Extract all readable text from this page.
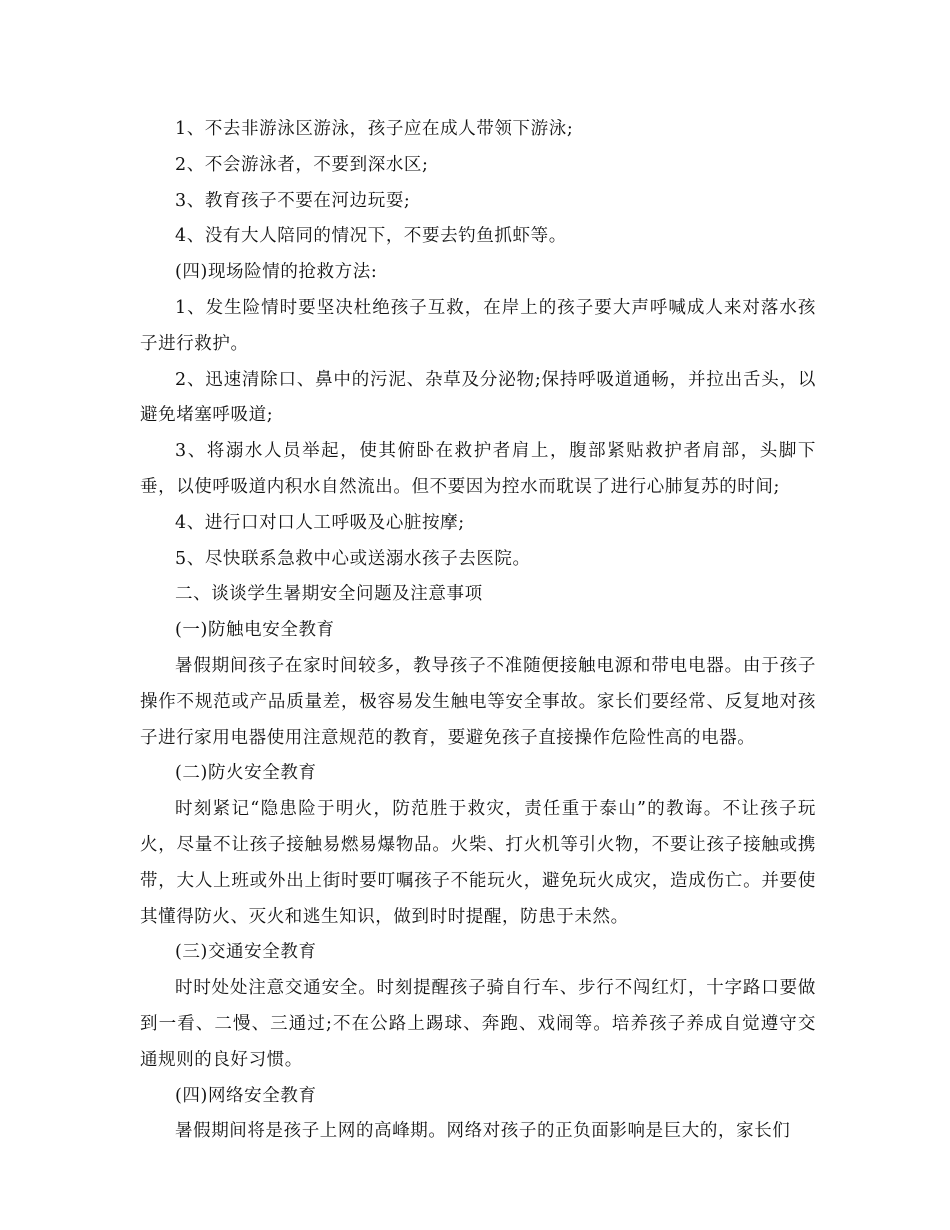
1、不去非游泳区游泳，孩子应在成人带领下游泳;

2、不会游泳者，不要到深水区;

3、教育孩子不要在河边玩耍;

4、没有大人陪同的情况下，不要去钓鱼抓虾等。

(四)现场险情的抢救方法:

1、发生险情时要坚决杜绝孩子互救，在岸上的孩子要大声呼喊成人来对落水孩子进行救护。

2、迅速清除口、鼻中的污泥、杂草及分泌物;保持呼吸道通畅，并拉出舌头，以避免堵塞呼吸道;

3、将溺水人员举起，使其俯卧在救护者肩上，腹部紧贴救护者肩部，头脚下垂，以使呼吸道内积水自然流出。但不要因为控水而耽误了进行心肺复苏的时间;

4、进行口对口人工呼吸及心脏按摩;

5、尽快联系急救中心或送溺水孩子去医院。

二、谈谈学生暑期安全问题及注意事项

(一)防触电安全教育

暑假期间孩子在家时间较多，教导孩子不准随便接触电源和带电电器。由于孩子操作不规范或产品质量差，极容易发生触电等安全事故。家长们要经常、反复地对孩子进行家用电器使用注意规范的教育，要避免孩子直接操作危险性高的电器。

(二)防火安全教育

时刻紧记“隐患险于明火，防范胜于救灾，责任重于泰山”的教诲。不让孩子玩火，尽量不让孩子接触易燃易爆物品。火柴、打火机等引火物，不要让孩子接触或携带，大人上班或外出上街时要叮嘱孩子不能玩火，避免玩火成灾，造成伤亡。并要使其懂得防火、灭火和逃生知识，做到时时提醒，防患于未然。

(三)交通安全教育

时时处处注意交通安全。时刻提醒孩子骑自行车、步行不闯红灯，十字路口要做到一看、二慢、三通过;不在公路上踢球、奔跑、戏闹等。培养孩子养成自觉遵守交通规则的良好习惯。

(四)网络安全教育

暑假期间将是孩子上网的高峰期。网络对孩子的正负面影响是巨大的，家长们
